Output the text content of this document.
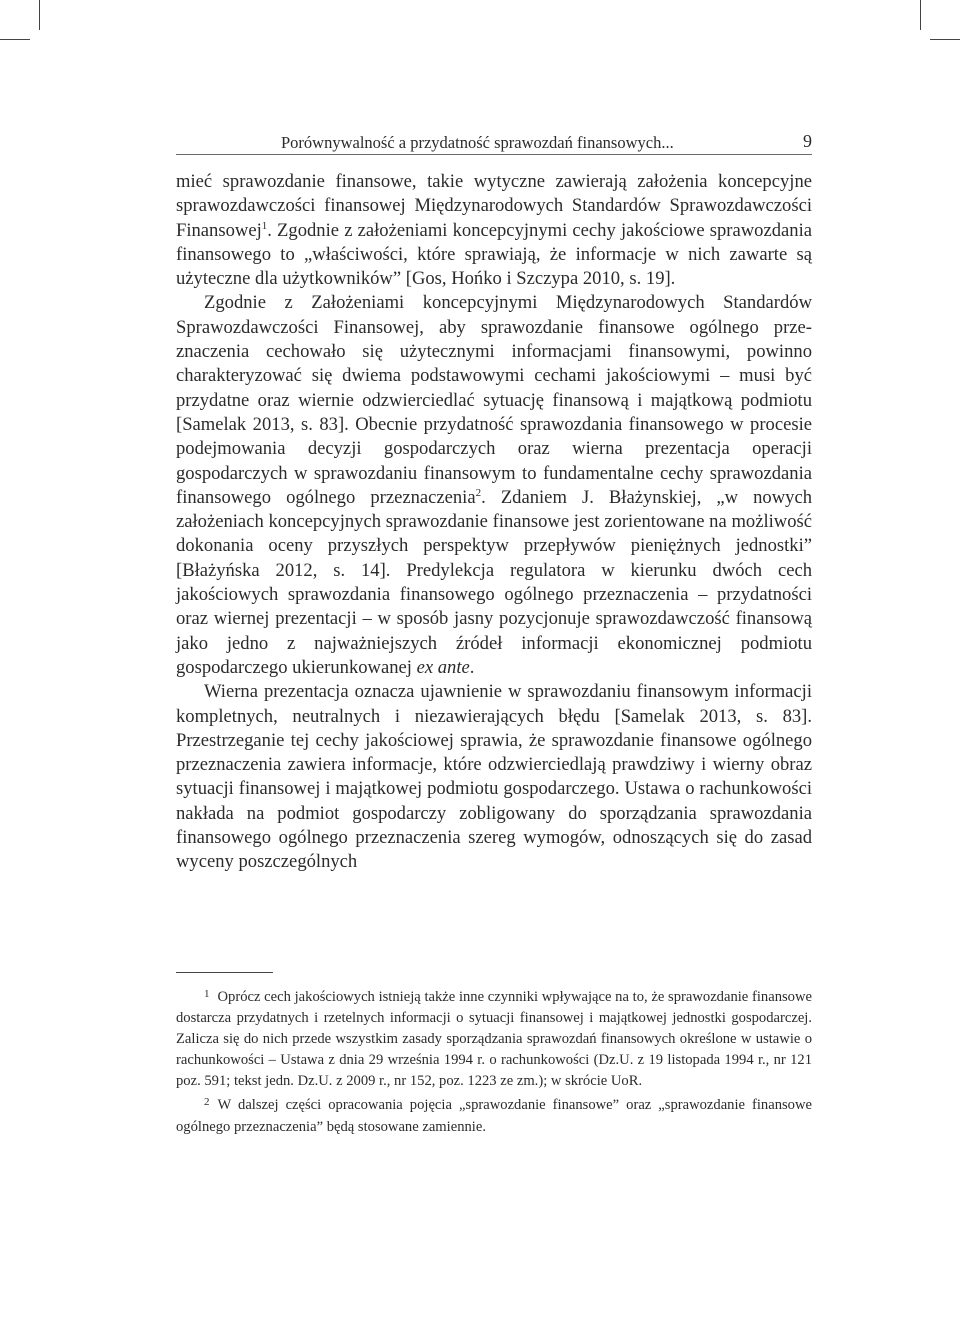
Porównywalność a przydatność sprawozdań finansowych...	9

mieć sprawozdanie finansowe, takie wytyczne zawierają założenia koncepcyjne sprawozdawczości finansowej Międzynarodowych Standardów Sprawozdawczości Finansowej$^1$. Zgodnie z założeniami koncepcyjnymi cechy jakościowe sprawozdania finansowego to „właściwości, które sprawiają, że informacje w nich zawarte są użyteczne dla użytkowników” [Gos, Hońko i Szczypa 2010, s. 19].

Zgodnie z Założeniami koncepcyjnymi Międzynarodowych Standardów Sprawozdawczości Finansowej, aby sprawozdanie finansowe ogólnego przeznaczenia cechowało się użytecznymi informacjami finansowymi, powinno charakteryzować się dwiema podstawowymi cechami jakościowymi – musi być przydatne oraz wiernie odzwierciedlać sytuację finansową i majątkową podmiotu [Samelak 2013, s. 83]. Obecnie przydatność sprawozdania finansowego w procesie podejmowania decyzji gospodarczych oraz wierna prezentacja operacji gospodarczych w sprawozdaniu finansowym to fundamentalne cechy sprawozdania finansowego ogólnego przeznaczenia$^2$. Zdaniem J. Błażynskiej, „w nowych założeniach koncepcyjnych sprawozdanie finansowe jest zorientowane na możliwość dokonania oceny przyszłych perspektyw przepływów pieniężnych jednostki” [Błażyńska 2012, s. 14]. Predylekcja regulatora w kierunku dwóch cech jakościowych sprawozdania finansowego ogólnego przeznaczenia – przydatności oraz wiernej prezentacji – w sposób jasny pozycjonuje sprawozdawczość finansową jako jedno z najważniejszych źródeł informacji ekonomicznej podmiotu gospodarczego ukierunkowanej ex ante.

Wierna prezentacja oznacza ujawnienie w sprawozdaniu finansowym informacji kompletnych, neutralnych i niezawierających błędu [Samelak 2013, s. 83]. Przestrzeganie tej cechy jakościowej sprawia, że sprawozdanie finansowe ogólnego przeznaczenia zawiera informacje, które odzwierciedlają prawdziwy i wierny obraz sytuacji finansowej i majątkowej podmiotu gospodarczego. Ustawa o rachunkowości nakłada na podmiot gospodarczy zobligowany do sporządzania sprawozdania finansowego ogólnego przeznaczenia szereg wymogów, odnoszących się do zasad wyceny poszczególnych

$^1$ Oprócz cech jakościowych istnieją także inne czynniki wpływające na to, że sprawozdanie finansowe dostarcza przydatnych i rzetelnych informacji o sytuacji finansowej i majątkowej jednostki gospodarczej. Zalicza się do nich przede wszystkim zasady sporządzania sprawozdań finansowych określone w ustawie o rachunkowości – Ustawa z dnia 29 września 1994 r. o rachunkowości (Dz.U. z 19 listopada 1994 r., nr 121 poz. 591; tekst jedn. Dz.U. z 2009 r., nr 152, poz. 1223 ze zm.); w skrócie UoR.

$^2$ W dalszej części opracowania pojęcia „sprawozdanie finansowe” oraz „sprawozdanie finansowe ogólnego przeznaczenia” będą stosowane zamiennie.
